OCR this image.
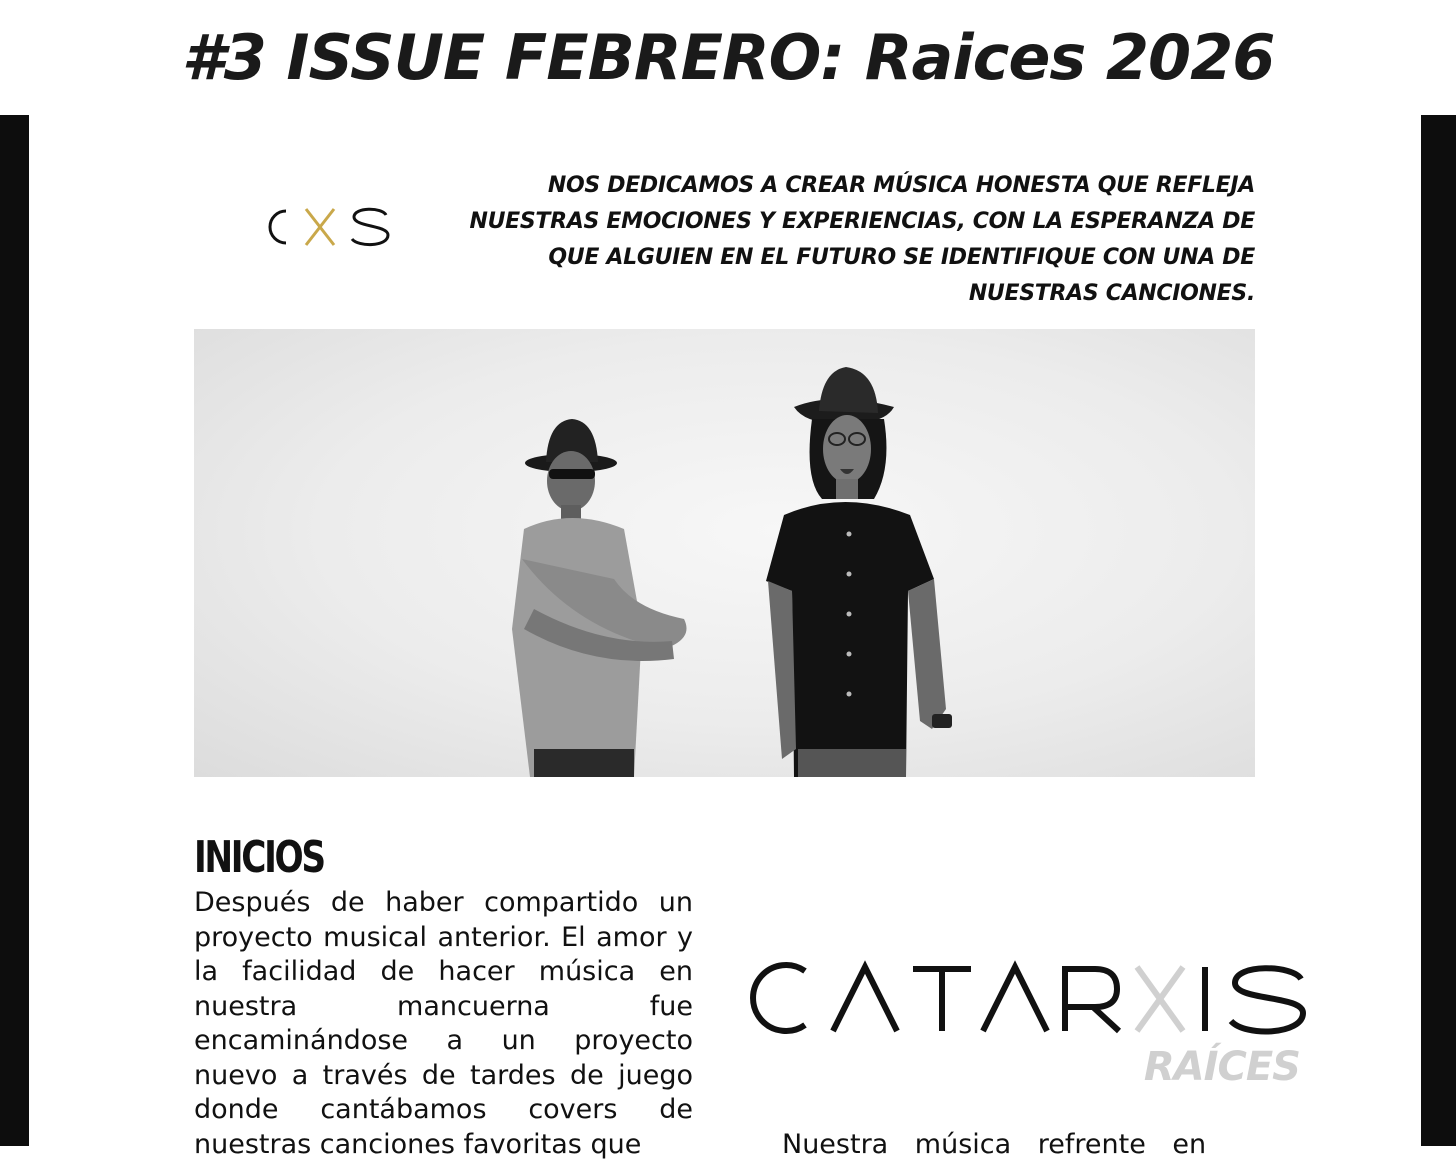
#3 ISSUE FEBRERO: Raices 2026

NOS DEDICAMOS A CREAR MÚSICA HONESTA QUE REFLEJA NUESTRAS EMOCIONES Y EXPERIENCIAS, CON LA ESPERANZA DE QUE ALGUIEN EN EL FUTURO SE IDENTIFIQUE CON UNA DE NUESTRAS CANCIONES.

INICIOS

Después de haber compartido un proyecto musical anterior. El amor y la facilidad de hacer música en nuestra mancuerna fue encaminándose a un proyecto nuevo a través de tardes de juego donde cantábamos covers de nuestras canciones favoritas que

RAÍCES

Nuestra música refrente en
